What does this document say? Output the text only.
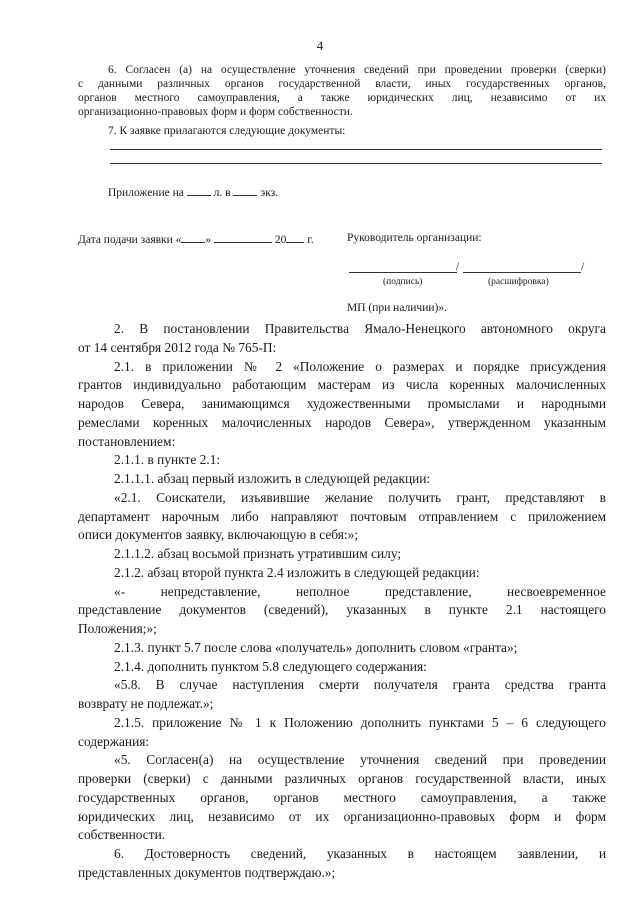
4
6. Согласен (а) на осуществление уточнения сведений при проведении проверки (сверки)
с данными различных органов государственной власти, иных государственных органов,
органов местного самоуправления, а также юридических лиц, независимо от их
организационно-правовых форм и форм собственности.
7. К заявке прилагаются следующие документы:
Приложение на	л. в	экз.
Дата подачи заявки « »	20 г.	Руководитель организации:
/	/
(подпись)	(расшифровка)
МП (при наличии)».
2. В постановлении Правительства Ямало-Ненецкого автономного округа
от 14 сентября 2012 года № 765-П:
2.1. в приложении № 2 «Положение о размерах и порядке присуждения
грантов индивидуально работающим мастерам из числа коренных малочисленных
народов Севера, занимающимся художественными промыслами и народными
ремеслами коренных малочисленных народов Севера», утвержденном указанным
постановлением:
2.1.1. в пункте 2.1:
2.1.1.1. абзац первый изложить в следующей редакции:
«2.1. Соискатели, изъявившие желание получить грант, представляют в
департамент нарочным либо направляют почтовым отправлением с приложением
описи документов заявку, включающую в себя:»;
2.1.1.2. абзац восьмой признать утратившим силу;
2.1.2. абзац второй пункта 2.4 изложить в следующей редакции:
«- непредставление, неполное представление, несвоевременное
представление документов (сведений), указанных в пункте 2.1 настоящего
Положения;»;
2.1.3. пункт 5.7 после слова «получатель» дополнить словом «гранта»;
2.1.4. дополнить пунктом 5.8 следующего содержания:
«5.8. В случае наступления смерти получателя гранта средства гранта
возврату не подлежат.»;
2.1.5. приложение № 1 к Положению дополнить пунктами 5 – 6 следующего
содержания:
«5. Согласен(а) на осуществление уточнения сведений при проведении
проверки (сверки) с данными различных органов государственной власти, иных
государственных органов, органов местного самоуправления, а также
юридических лиц, независимо от их организационно-правовых форм и форм
собственности.
6. Достоверность сведений, указанных в настоящем заявлении, и
представленных документов подтверждаю.»;
